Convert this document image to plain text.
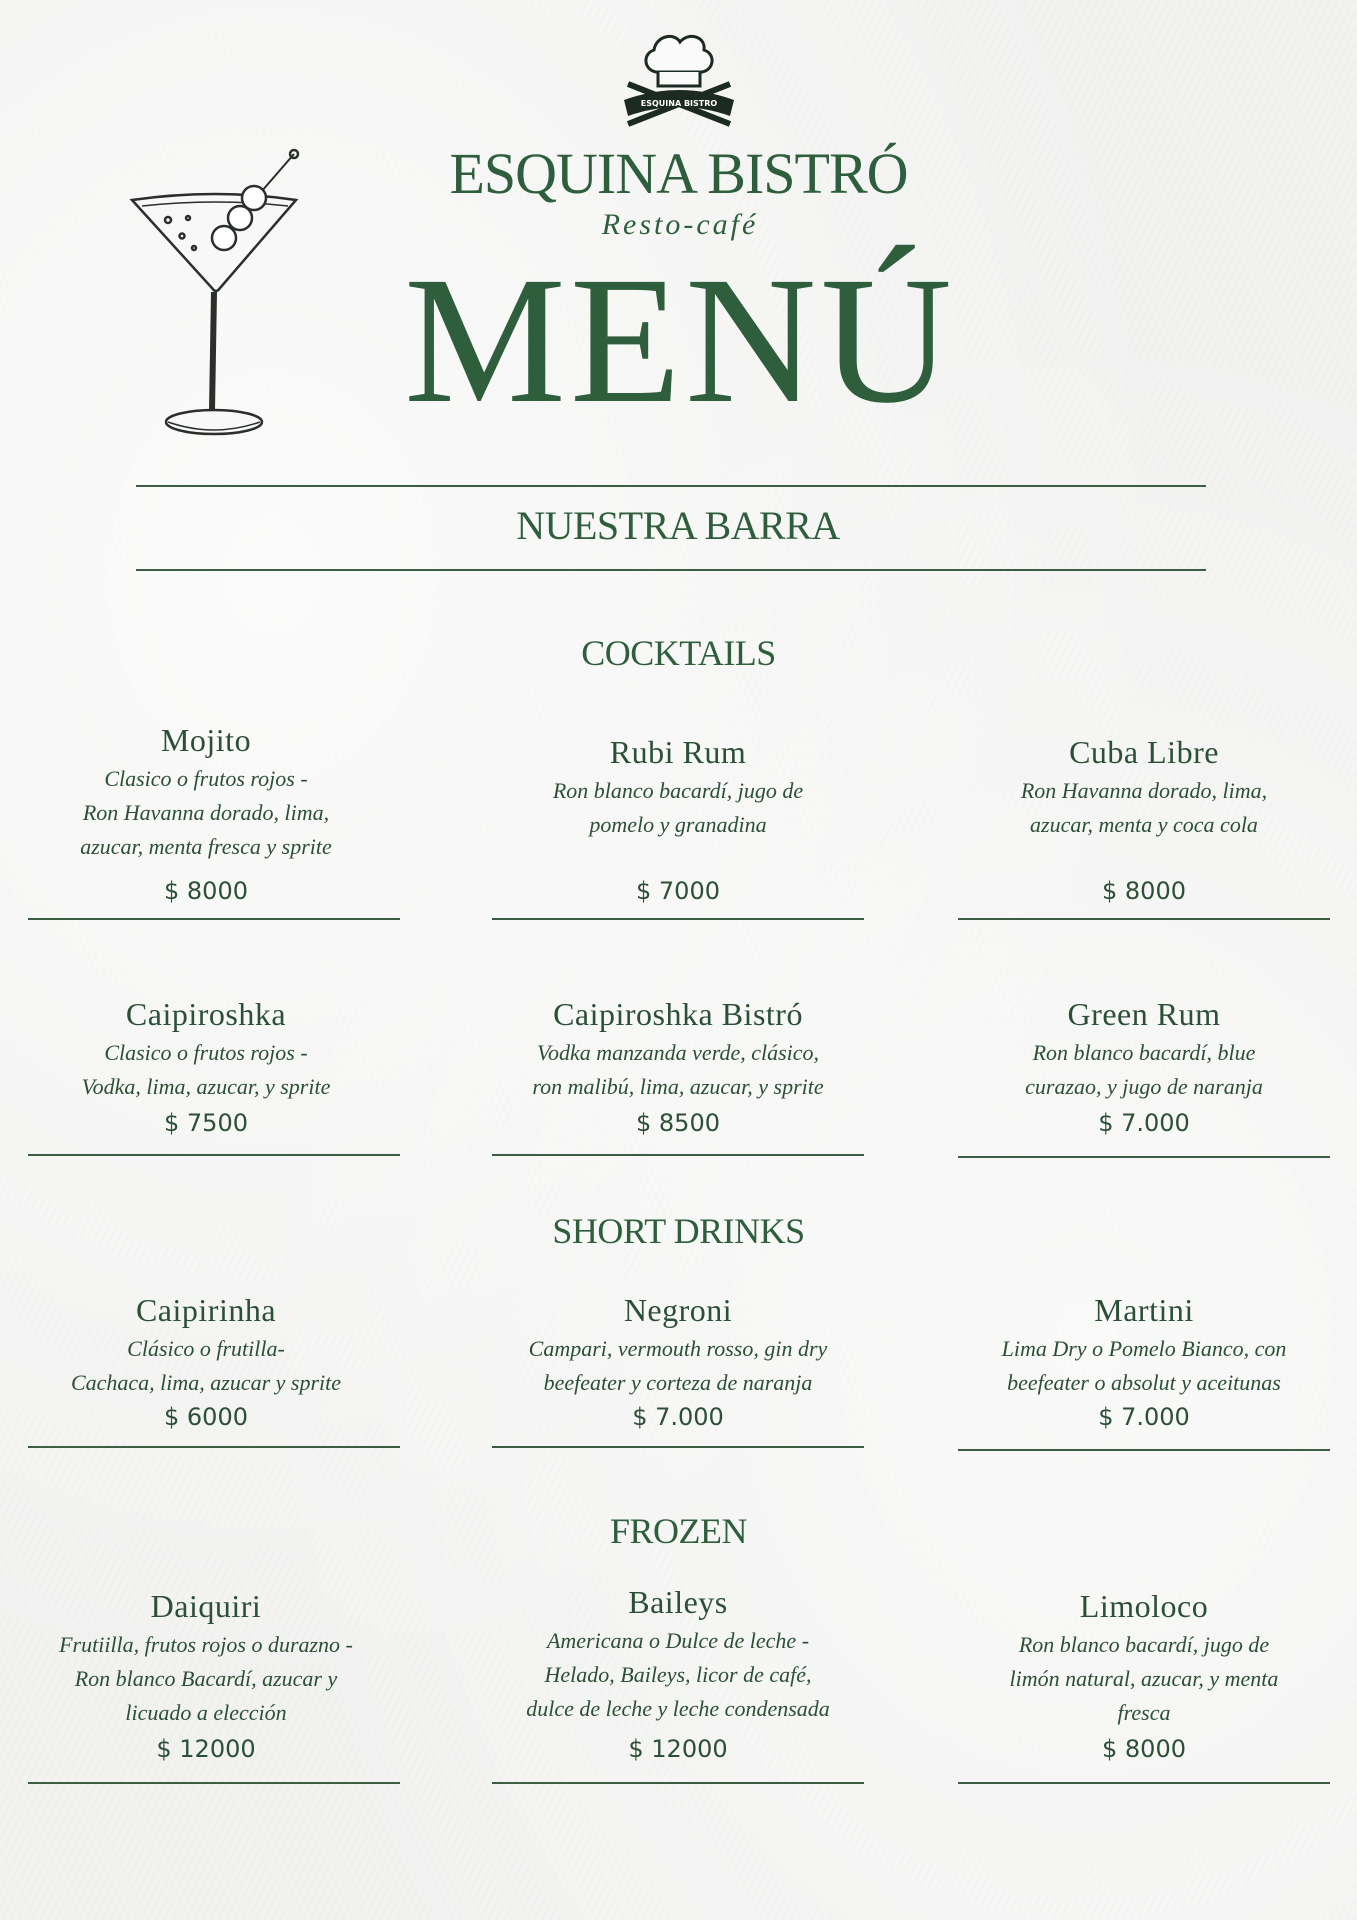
ESQUINA BISTRO
ESQUINA BISTRÓ
Resto-café
MENÚ
NUESTRA BARRA
COCKTAILS
Mojito
Clasico o frutos rojos -
Ron Havanna dorado, lima,
azucar, menta fresca y sprite
$ 8000
Rubi Rum
Ron blanco bacardí, jugo de
pomelo y granadina
$ 7000
Cuba Libre
Ron Havanna dorado, lima,
azucar, menta y coca cola
$ 8000
Caipiroshka
Clasico o frutos rojos -
Vodka, lima, azucar, y sprite
$ 7500
Caipiroshka Bistró
Vodka manzanda verde, clásico,
ron malibú, lima, azucar, y sprite
$ 8500
Green Rum
Ron blanco bacardí, blue
curazao, y jugo de naranja
$ 7.000
SHORT DRINKS
Caipirinha
Clásico o frutilla-
Cachaca, lima, azucar y sprite
$ 6000
Negroni
Campari, vermouth rosso, gin dry
beefeater y corteza de naranja
$ 7.000
Martini
Lima Dry o Pomelo Bianco, con
beefeater o absolut y aceitunas
$ 7.000
FROZEN
Daiquiri
Frutiilla, frutos rojos o durazno -
Ron blanco Bacardí, azucar y
licuado a elección
$ 12000
Baileys
Americana o Dulce de leche -
Helado, Baileys, licor de café,
dulce de leche y leche condensada
$ 12000
Limoloco
Ron blanco bacardí, jugo de
limón natural, azucar, y menta
fresca
$ 8000
